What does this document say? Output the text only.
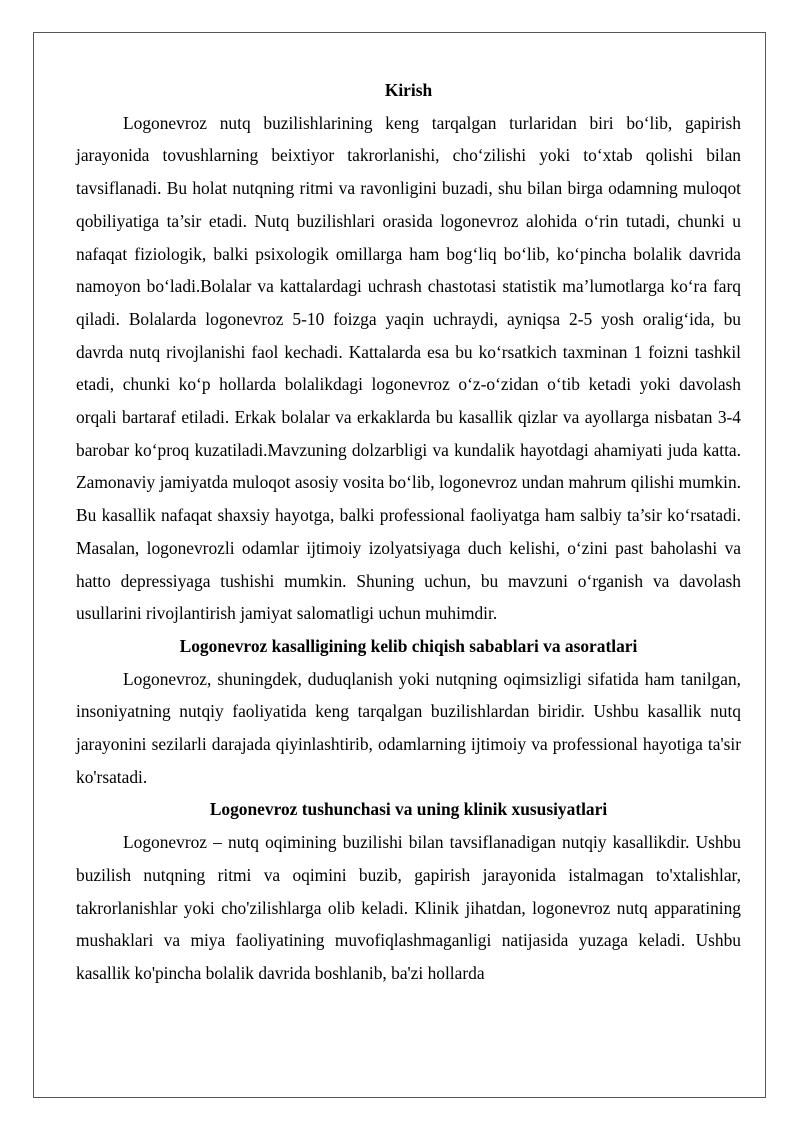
Kirish

Logonevroz nutq buzilishlarining keng tarqalgan turlaridan biri bo‘lib, gapirish jarayonida tovushlarning beixtiyor takrorlanishi, cho‘zilishi yoki to‘xtab qolishi bilan tavsiflanadi. Bu holat nutqning ritmi va ravonligini buzadi, shu bilan birga odamning muloqot qobiliyatiga ta’sir etadi. Nutq buzilishlari orasida logonevroz alohida o‘rin tutadi, chunki u nafaqat fiziologik, balki psixologik omillarga ham bog‘liq bo‘lib, ko‘pincha bolalik davrida namoyon bo‘ladi.Bolalar va kattalardagi uchrash chastotasi statistik ma’lumotlarga ko‘ra farq qiladi. Bolalarda logonevroz 5-10 foizga yaqin uchraydi, ayniqsa 2-5 yosh oralig‘ida, bu davrda nutq rivojlanishi faol kechadi. Kattalarda esa bu ko‘rsatkich taxminan 1 foizni tashkil etadi, chunki ko‘p hollarda bolalikdagi logonevroz o‘z-o‘zidan o‘tib ketadi yoki davolash orqali bartaraf etiladi. Erkak bolalar va erkaklarda bu kasallik qizlar va ayollarga nisbatan 3-4 barobar ko‘proq kuzatiladi.Mavzuning dolzarbligi va kundalik hayotdagi ahamiyati juda katta. Zamonaviy jamiyatda muloqot asosiy vosita bo‘lib, logonevroz undan mahrum qilishi mumkin. Bu kasallik nafaqat shaxsiy hayotga, balki professional faoliyatga ham salbiy ta’sir ko‘rsatadi. Masalan, logonevrozli odamlar ijtimoiy izolyatsiyaga duch kelishi, o‘zini past baholashi va hatto depressiyaga tushishi mumkin. Shuning uchun, bu mavzuni o‘rganish va davolash usullarini rivojlantirish jamiyat salomatligi uchun muhimdir.

Logonevroz kasalligining kelib chiqish sabablari va asoratlari

Logonevroz, shuningdek, duduqlanish yoki nutqning oqimsizligi sifatida ham tanilgan, insoniyatning nutqiy faoliyatida keng tarqalgan buzilishlardan biridir. Ushbu kasallik nutq jarayonini sezilarli darajada qiyinlashtirib, odamlarning ijtimoiy va professional hayotiga ta'sir ko'rsatadi.

Logonevroz tushunchasi va uning klinik xususiyatlari

Logonevroz – nutq oqimining buzilishi bilan tavsiflanadigan nutqiy kasallikdir. Ushbu buzilish nutqning ritmi va oqimini buzib, gapirish jarayonida istalmagan to'xtalishlar, takrorlanishlar yoki cho'zilishlarga olib keladi. Klinik jihatdan, logonevroz nutq apparatining mushaklari va miya faoliyatining muvofiqlashmaganligi natijasida yuzaga keladi. Ushbu kasallik ko'pincha bolalik davrida boshlanib, ba'zi hollarda
